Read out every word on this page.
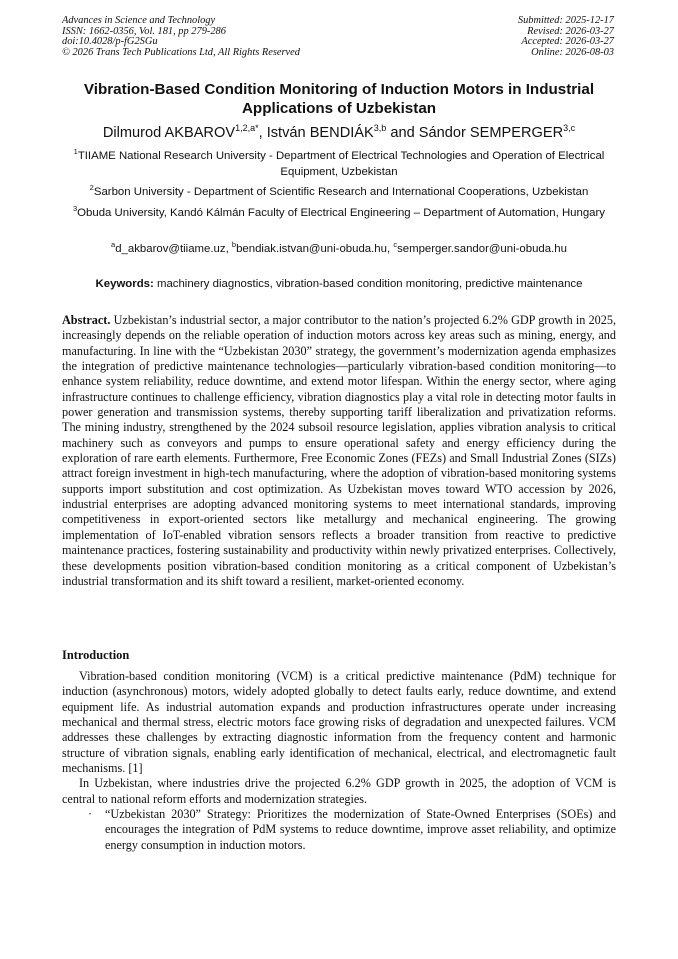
Advances in Science and Technology
ISSN: 1662-0356, Vol. 181, pp 279-286
doi:10.4028/p-fG2SGu
© 2026 Trans Tech Publications Ltd, All Rights Reserved
Submitted: 2025-12-17
Revised: 2026-03-27
Accepted: 2026-03-27
Online: 2026-08-03
Vibration-Based Condition Monitoring of Induction Motors in Industrial Applications of Uzbekistan
Dilmurod $AKBAROV^{1,2,a*}$, István BENDIÁK$^{3,b}$ and Sándor SEMPERGER$^{3,c}$
$^1$TIIAME National Research University - Department of Electrical Technologies and Operation of Electrical Equipment, Uzbekistan
$^2$Sarbon University - Department of Scientific Research and International Cooperations, Uzbekistan
$^3$Obuda University, Kandó Kálmán Faculty of Electrical Engineering – Department of Automation, Hungary
$^a$d_akbarov@tiiame.uz, $^b$bendiak.istvan@uni-obuda.hu, $^c$semperger.sandor@uni-obuda.hu
Keywords: machinery diagnostics, vibration-based condition monitoring, predictive maintenance
Abstract. Uzbekistan’s industrial sector, a major contributor to the nation’s projected 6.2% GDP growth in 2025, increasingly depends on the reliable operation of induction motors across key areas such as mining, energy, and manufacturing. In line with the “Uzbekistan 2030” strategy, the government’s modernization agenda emphasizes the integration of predictive maintenance technologies—particularly vibration-based condition monitoring—to enhance system reliability, reduce downtime, and extend motor lifespan. Within the energy sector, where aging infrastructure continues to challenge efficiency, vibration diagnostics play a vital role in detecting motor faults in power generation and transmission systems, thereby supporting tariff liberalization and privatization reforms. The mining industry, strengthened by the 2024 subsoil resource legislation, applies vibration analysis to critical machinery such as conveyors and pumps to ensure operational safety and energy efficiency during the exploration of rare earth elements. Furthermore, Free Economic Zones (FEZs) and Small Industrial Zones (SIZs) attract foreign investment in high-tech manufacturing, where the adoption of vibration-based monitoring systems supports import substitution and cost optimization. As Uzbekistan moves toward WTO accession by 2026, industrial enterprises are adopting advanced monitoring systems to meet international standards, improving competitiveness in export-oriented sectors like metallurgy and mechanical engineering. The growing implementation of IoT-enabled vibration sensors reflects a broader transition from reactive to predictive maintenance practices, fostering sustainability and productivity within newly privatized enterprises. Collectively, these developments position vibration-based condition monitoring as a critical component of Uzbekistan’s industrial transformation and its shift toward a resilient, market-oriented economy.
Introduction

Vibration-based condition monitoring (VCM) is a critical predictive maintenance (PdM) technique for induction (asynchronous) motors, widely adopted globally to detect faults early, reduce downtime, and extend equipment life. As industrial automation expands and production infrastructures operate under increasing mechanical and thermal stress, electric motors face growing risks of degradation and unexpected failures. VCM addresses these challenges by extracting diagnostic information from the frequency content and harmonic structure of vibration signals, enabling early identification of mechanical, electrical, and electromagnetic fault mechanisms. [1]

In Uzbekistan, where industries drive the projected 6.2% GDP growth in 2025, the adoption of VCM is central to national reform efforts and modernization strategies.

· “Uzbekistan 2030” Strategy: Prioritizes the modernization of State-Owned Enterprises (SOEs) and encourages the integration of PdM systems to reduce downtime, improve asset reliability, and optimize energy consumption in induction motors.
